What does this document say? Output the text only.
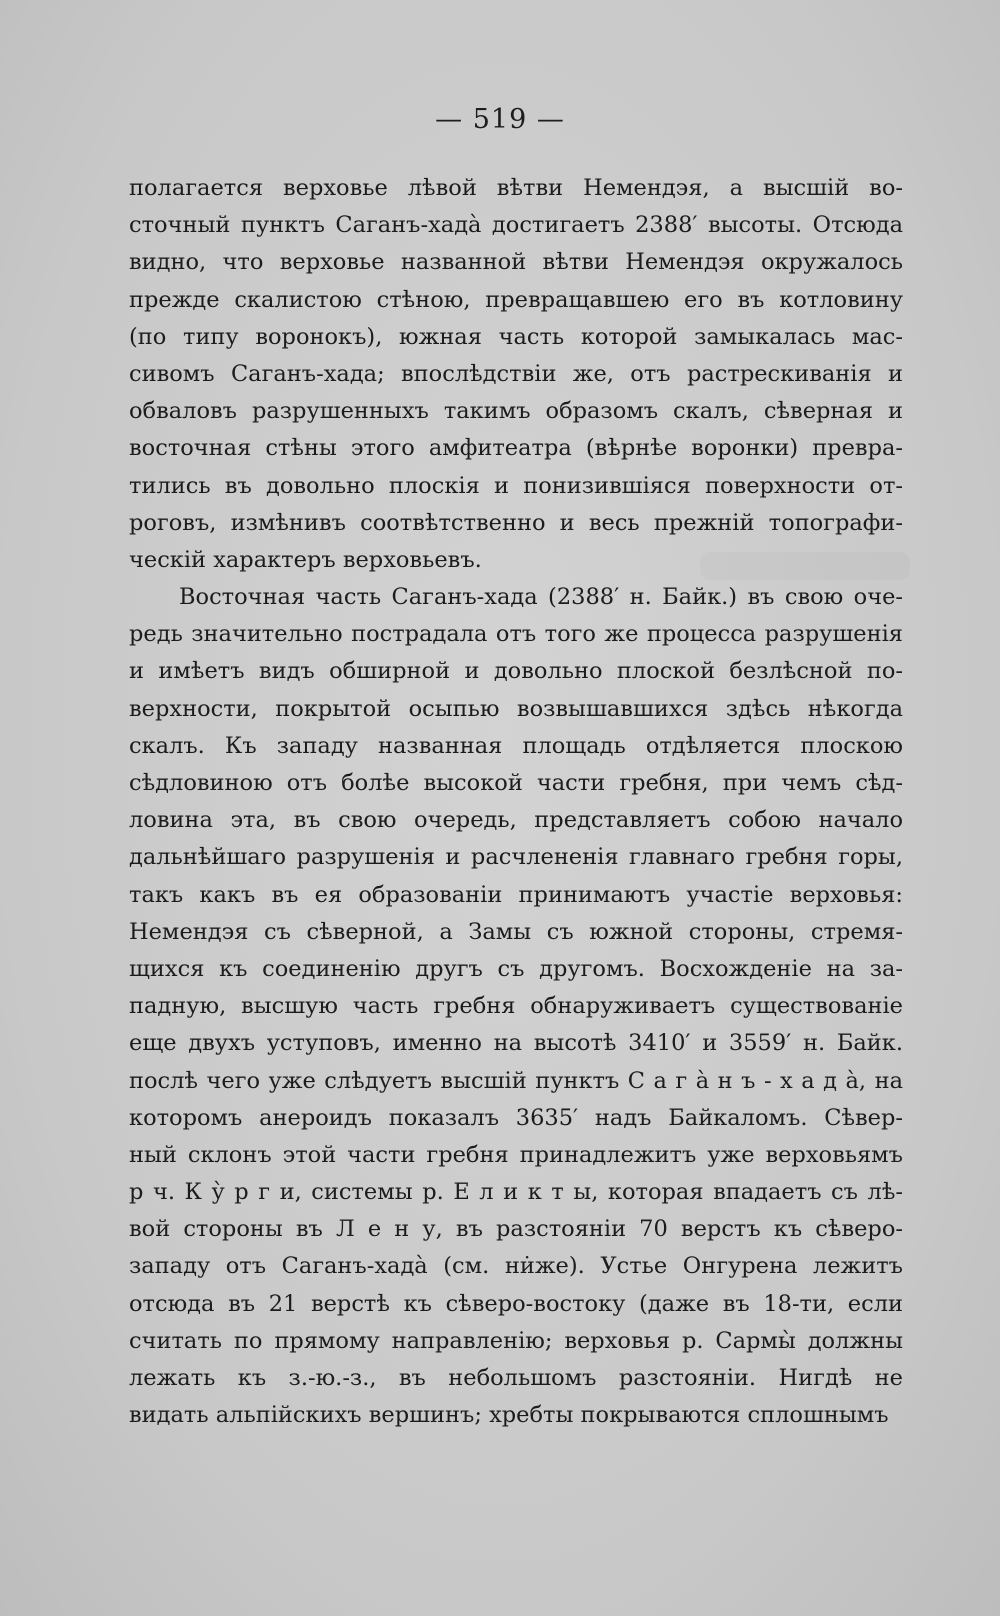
— 519 —
полагается верховье лѣвой вѣтви Немендэя, а высшій во-
сточный пунктъ Саганъ-хада̀ достигаетъ 2388′ высоты. Отсюда
видно, что верховье названной вѣтви Немендэя окружалось
прежде скалистою стѣною, превращавшею его въ котловину
(по типу воронокъ), южная часть которой замыкалась мас-
сивомъ Саганъ-хада; впослѣдствіи же, отъ растрескиванія и
обваловъ разрушенныхъ такимъ образомъ скалъ, сѣверная и
восточная стѣны этого амфитеатра (вѣрнѣе воронки) превра-
тились въ довольно плоскія и понизившіяся поверхности от-
роговъ, измѣнивъ соотвѣтственно и весь прежній топографи-
ческій характеръ верховьевъ.
Восточная часть Саганъ-хада (2388′ н. Байк.) въ свою оче-
редь значительно пострадала отъ того же процесса разрушенія
и имѣетъ видъ обширной и довольно плоской безлѣсной по-
верхности, покрытой осыпью возвышавшихся здѣсь нѣкогда
скалъ. Къ западу названная площадь отдѣляется плоскою
сѣдловиною отъ болѣе высокой части гребня, при чемъ сѣд-
ловина эта, въ свою очередь, представляетъ собою начало
дальнѣйшаго разрушенія и расчлененія главнаго гребня горы,
такъ какъ въ ея образованіи принимаютъ участіе верховья:
Немендэя съ сѣверной, а Замы съ южной стороны, стремя-
щихся къ соединенію другъ съ другомъ. Восхожденіе на за-
падную, высшую часть гребня обнаруживаетъ существованіе
еще двухъ уступовъ, именно на высотѣ 3410′ и 3559′ н. Байк.
послѣ чего уже слѣдуетъ высшій пунктъ С а г а̀ н ъ - х а д а̀, на
которомъ анероидъ показалъ 3635′ надъ Байкаломъ. Сѣвер-
ный склонъ этой части гребня принадлежитъ уже верховьямъ
р ч. К у̀ р г и, системы р. Е л и к т ы, которая впадаетъ съ лѣ-
вой стороны въ Л е н у, въ разстояніи 70 верстъ къ сѣверо-
западу отъ Саганъ-хада̀ (см. ни̇же). Устье Онгурена лежитъ
отсюда въ 21 верстѣ къ сѣверо-востоку (даже въ 18-ти, если
считать по прямому направленію; верховья р. Сармы̀ должны
лежать къ з.-ю.-з., въ небольшомъ разстояніи. Нигдѣ не
видать альпійскихъ вершинъ; хребты покрываются сплошнымъ
